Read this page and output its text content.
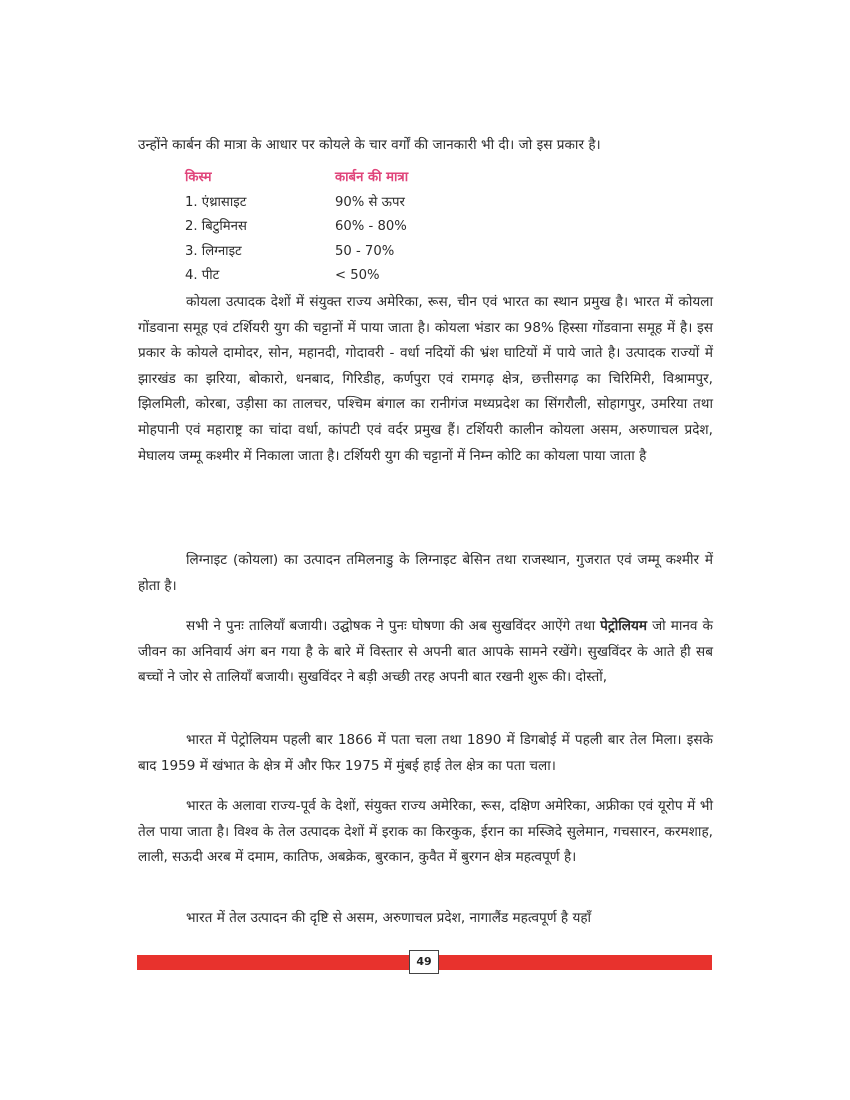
उन्होंने कार्बन की मात्रा के आधार पर कोयले के चार वर्गों की जानकारी भी दी। जो इस प्रकार है।
किस्म	कार्बन की मात्रा
1. एंथ्रासाइट	90% से ऊपर
2. बिटुमिनस	60% - 80%
3. लिग्नाइट	50 - 70%
4. पीट	< 50%
कोयला उत्पादक देशों में संयुक्त राज्य अमेरिका, रूस, चीन एवं भारत का स्थान प्रमुख है। भारत में कोयला गोंडवाना समूह एवं टर्शियरी युग की चट्टानों में पाया जाता है। कोयला भंडार का 98% हिस्सा गोंडवाना समूह में है। इस प्रकार के कोयले दामोदर, सोन, महानदी, गोदावरी - वर्धा नदियों की भ्रंश घाटियों में पाये जाते है। उत्पादक राज्यों में झारखंड का झरिया, बोकारो, धनबाद, गिरिडीह, कर्णपुरा एवं रामगढ़ क्षेत्र, छत्तीसगढ़ का चिरिमिरी, विश्रामपुर, झिलमिली, कोरबा, उड़ीसा का तालचर, पश्चिम बंगाल का रानीगंज मध्यप्रदेश का सिंगरौली, सोहागपुर, उमरिया तथा मोहपानी एवं महाराष्ट्र का चांदा वर्धा, कांपटी एवं वर्दर प्रमुख हैं। टर्शियरी कालीन कोयला असम, अरुणाचल प्रदेश, मेघालय जम्मू कश्मीर में निकाला जाता है। टर्शियरी युग की चट्टानों में निम्न कोटि का कोयला पाया जाता है
लिग्नाइट (कोयला) का उत्पादन तमिलनाडु के लिग्नाइट बेसिन तथा राजस्थान, गुजरात एवं जम्मू कश्मीर में होता है।
सभी ने पुनः तालियाँ बजायी। उद्घोषक ने पुनः घोषणा की अब सुखविंदर आऐंगे तथा पेट्रोलियम जो मानव के जीवन का अनिवार्य अंग बन गया है के बारे में विस्तार से अपनी बात आपके सामने रखेंगे। सुखविंदर के आते ही सब बच्चों ने जोर से तालियाँ बजायी। सुखविंदर ने बड़ी अच्छी तरह अपनी बात रखनी शुरू की। दोस्तों,
भारत में पेट्रोलियम पहली बार 1866 में पता चला तथा 1890 में डिगबोई में पहली बार तेल मिला। इसके बाद 1959 में खंभात के क्षेत्र में और फिर 1975 में मुंबई हाई तेल क्षेत्र का पता चला।
भारत के अलावा राज्य-पूर्व के देशों, संयुक्त राज्य अमेरिका, रूस, दक्षिण अमेरिका, अफ्रीका एवं यूरोप में भी तेल पाया जाता है। विश्व के तेल उत्पादक देशों में इराक का किरकुक, ईरान का मस्जिदे सुलेमान, गचसारन, करमशाह, लाली, सऊदी अरब में दमाम, कातिफ, अबक्रेक, बुरकान, कुवैत में बुरगन क्षेत्र महत्वपूर्ण है।
भारत में तेल उत्पादन की दृष्टि से असम, अरुणाचल प्रदेश, नागालैंड महत्वपूर्ण है यहाँ
49
